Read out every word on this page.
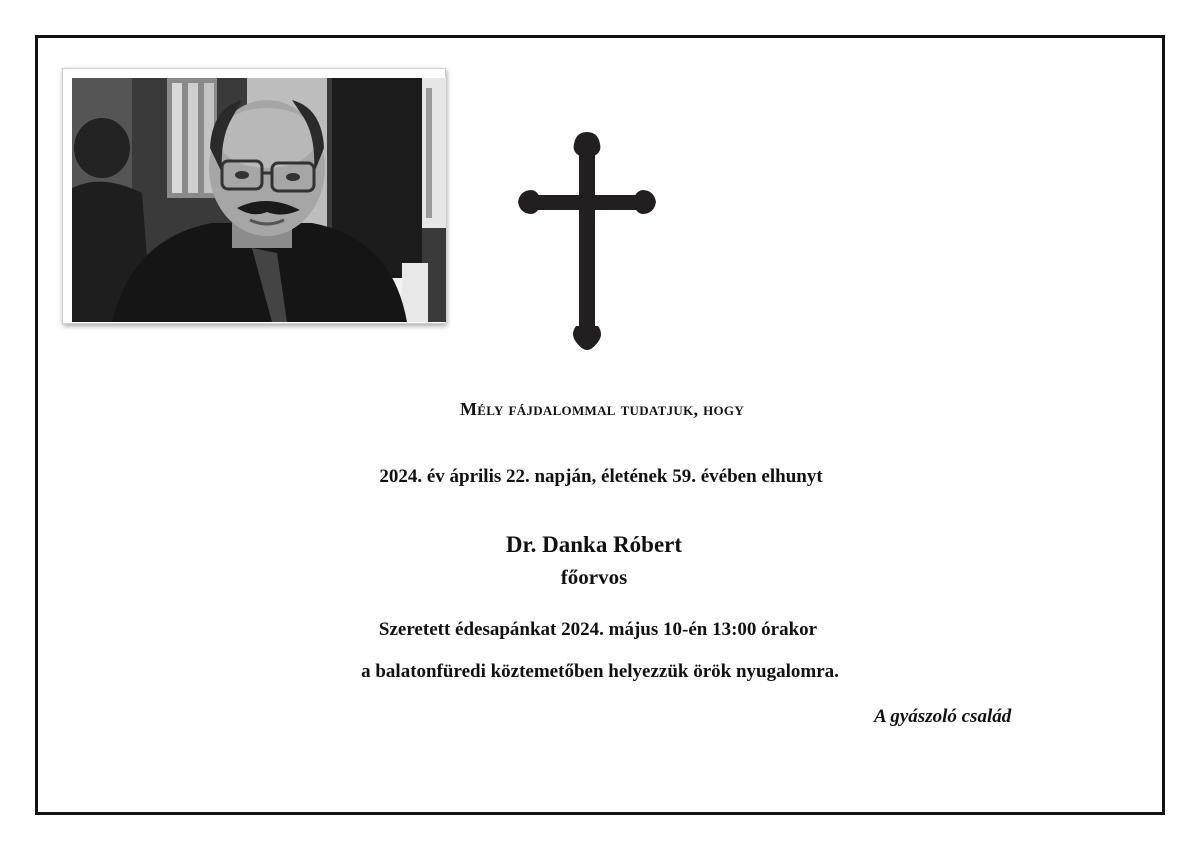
Mély fájdalommal tudatjuk, hogy
2024. év április 22. napján, életének 59. évében elhunyt
Dr. Danka Róbert
főorvos
Szeretett édesapánkat 2024. május 10-én 13:00 órakor
a balatonfüredi köztemetőben helyezzük örök nyugalomra.
A gyászoló család
